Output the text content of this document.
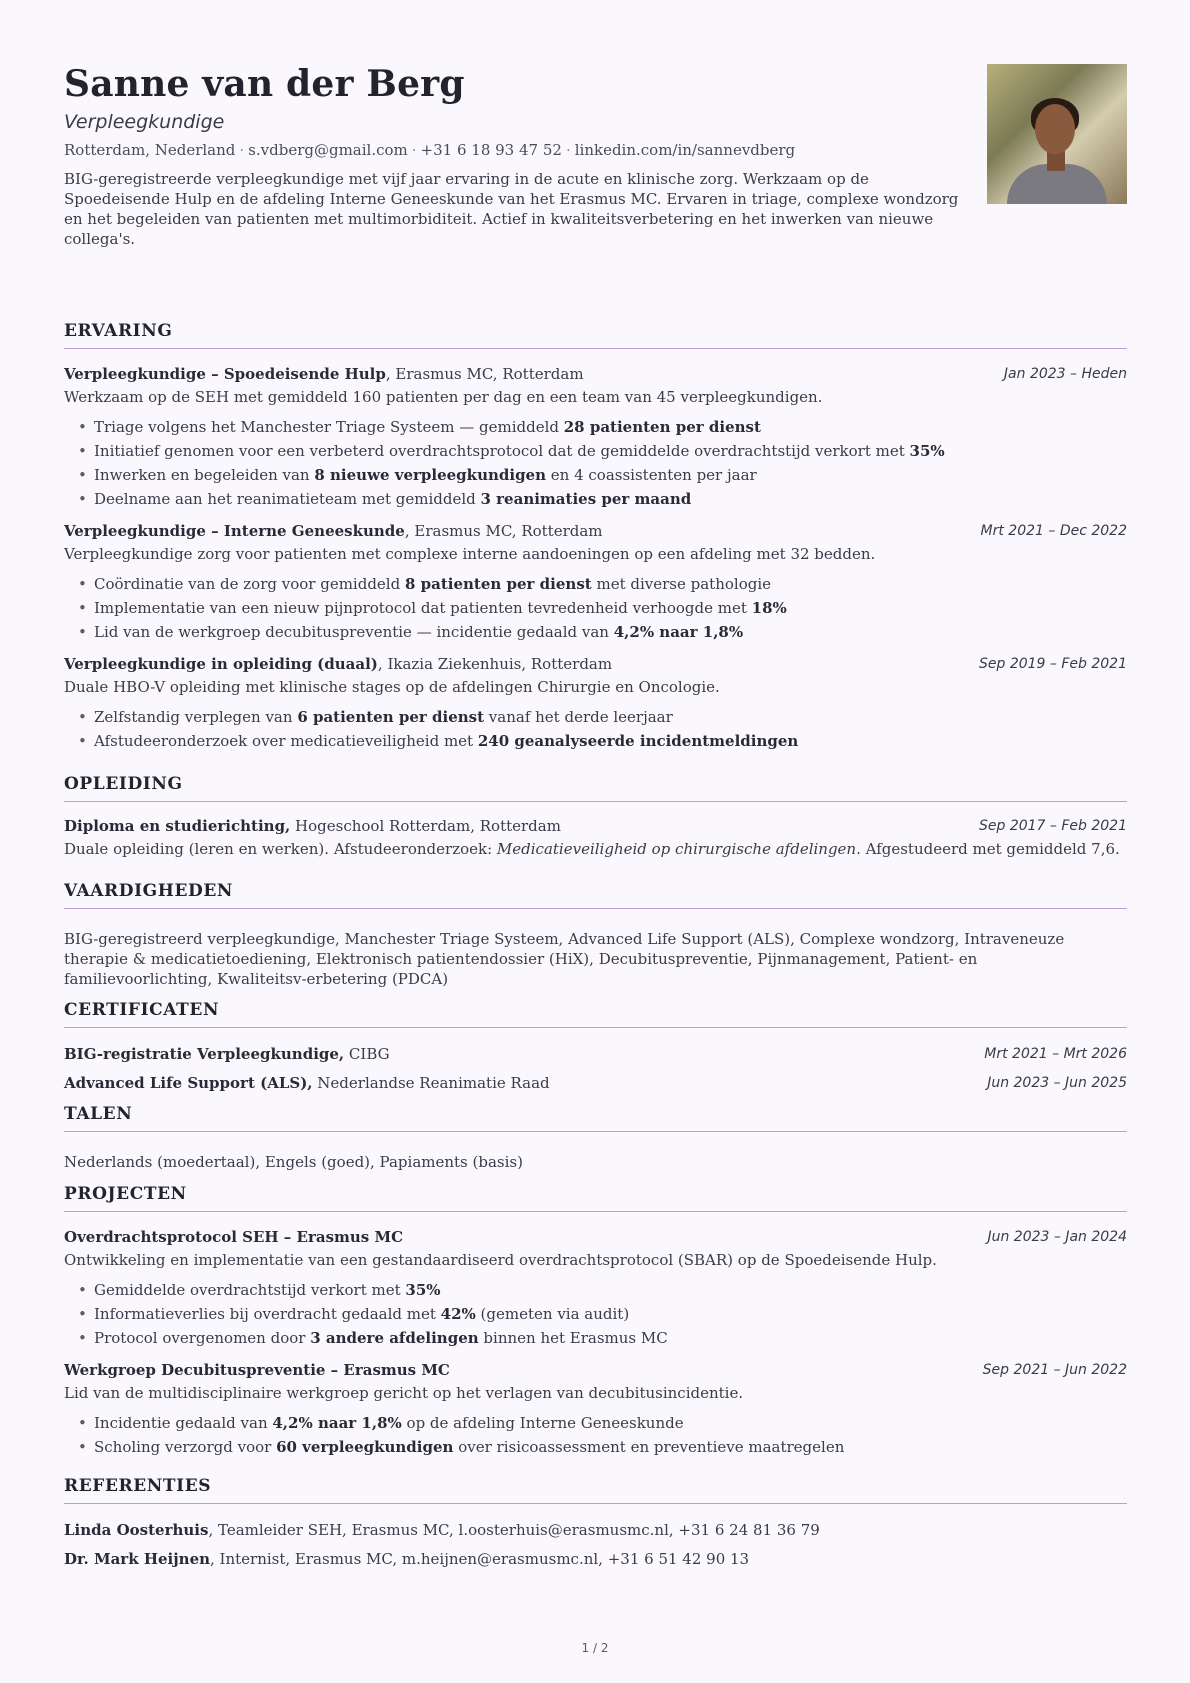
Sanne van der Berg
Verpleegkundige
Rotterdam, Nederland · s.vdberg@gmail.com · +31 6 18 93 47 52 · linkedin.com/in/sannevdberg
BIG-geregistreerde verpleegkundige met vijf jaar ervaring in de acute en klinische zorg. Werkzaam op de Spoedeisende Hulp en de afdeling Interne Geneeskunde van het Erasmus MC. Ervaren in triage, complexe wondzorg en het begeleiden van patienten met multimorbiditeit. Actief in kwaliteitsverbetering en het inwerken van nieuwe collega's.
ERVARING
Verpleegkundige – Spoedeisende Hulp, Erasmus MC, Rotterdam	Jan 2023 – Heden
Werkzaam op de SEH met gemiddeld 160 patienten per dag en een team van 45 verpleegkundigen.
• Triage volgens het Manchester Triage Systeem — gemiddeld 28 patienten per dienst
• Initiatief genomen voor een verbeterd overdrachtsprotocol dat de gemiddelde overdrachtstijd verkort met 35%
• Inwerken en begeleiden van 8 nieuwe verpleegkundigen en 4 coassistenten per jaar
• Deelname aan het reanimatieteam met gemiddeld 3 reanimaties per maand
Verpleegkundige – Interne Geneeskunde, Erasmus MC, Rotterdam	Mrt 2021 – Dec 2022
Verpleegkundige zorg voor patienten met complexe interne aandoeningen op een afdeling met 32 bedden.
• Coördinatie van de zorg voor gemiddeld 8 patienten per dienst met diverse pathologie
• Implementatie van een nieuw pijnprotocol dat patienten tevredenheid verhoogde met 18%
• Lid van de werkgroep decubituspreventie — incidentie gedaald van 4,2% naar 1,8%
Verpleegkundige in opleiding (duaal), Ikazia Ziekenhuis, Rotterdam	Sep 2019 – Feb 2021
Duale HBO-V opleiding met klinische stages op de afdelingen Chirurgie en Oncologie.
• Zelfstandig verplegen van 6 patienten per dienst vanaf het derde leerjaar
• Afstudeeronderzoek over medicatieveiligheid met 240 geanalyseerde incidentmeldingen
OPLEIDING
Diploma en studierichting, Hogeschool Rotterdam, Rotterdam	Sep 2017 – Feb 2021
Duale opleiding (leren en werken). Afstudeeronderzoek: Medicatieveiligheid op chirurgische afdelingen. Afgestudeerd met gemiddeld 7,6.
VAARDIGHEDEN
BIG-geregistreerd verpleegkundige, Manchester Triage Systeem, Advanced Life Support (ALS), Complexe wondzorg, Intraveneuze therapie & medicatietoediening, Elektronisch patientendossier (HiX), Decubituspreventie, Pijnmanagement, Patient- en familievoorlichting, Kwaliteitsv-erbetering (PDCA)
CERTIFICATEN
BIG-registratie Verpleegkundige, CIBG	Mrt 2021 – Mrt 2026
Advanced Life Support (ALS), Nederlandse Reanimatie Raad	Jun 2023 – Jun 2025
TALEN
Nederlands (moedertaal), Engels (goed), Papiaments (basis)
PROJECTEN
Overdrachtsprotocol SEH – Erasmus MC	Jun 2023 – Jan 2024
Ontwikkeling en implementatie van een gestandaardiseerd overdrachtsprotocol (SBAR) op de Spoedeisende Hulp.
• Gemiddelde overdrachtstijd verkort met 35%
• Informatieverlies bij overdracht gedaald met 42% (gemeten via audit)
• Protocol overgenomen door 3 andere afdelingen binnen het Erasmus MC
Werkgroep Decubituspreventie – Erasmus MC	Sep 2021 – Jun 2022
Lid van de multidisciplinaire werkgroep gericht op het verlagen van decubitusincidentie.
• Incidentie gedaald van 4,2% naar 1,8% op de afdeling Interne Geneeskunde
• Scholing verzorgd voor 60 verpleegkundigen over risicoassessment en preventieve maatregelen
REFERENTIES
Linda Oosterhuis, Teamleider SEH, Erasmus MC, l.oosterhuis@erasmusmc.nl, +31 6 24 81 36 79
Dr. Mark Heijnen, Internist, Erasmus MC, m.heijnen@erasmusmc.nl, +31 6 51 42 90 13
1 / 2
